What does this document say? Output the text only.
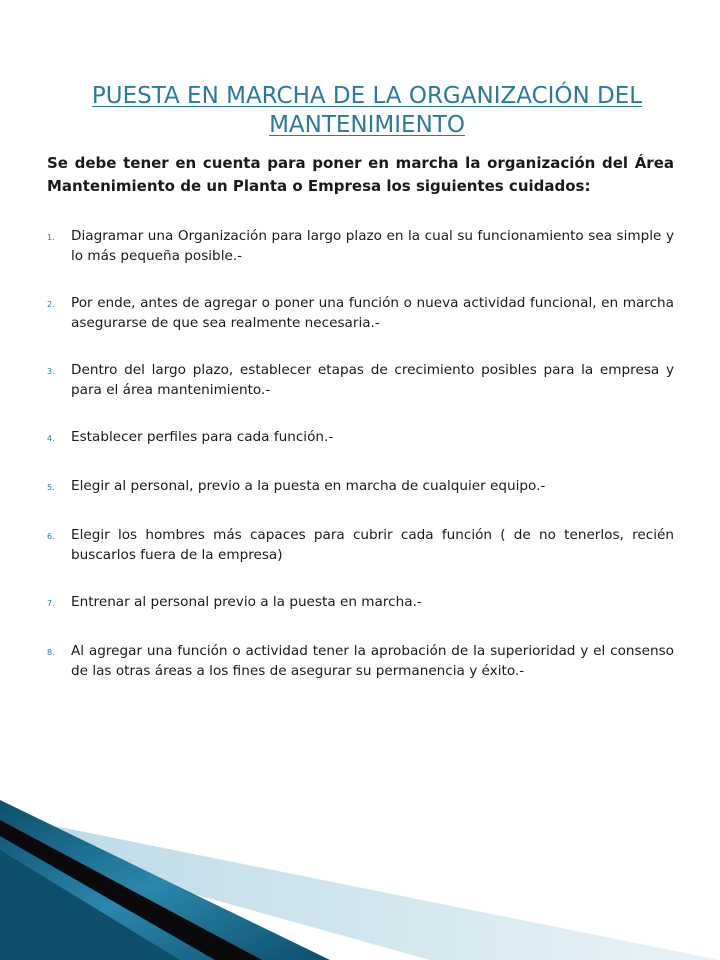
PUESTA EN MARCHA DE LA ORGANIZACIÓN DEL MANTENIMIENTO

Se debe tener en cuenta para poner en marcha la organización del Área Mantenimiento de un Planta o Empresa los siguientes cuidados:

1.	Diagramar una Organización para largo plazo en la cual su funcionamiento sea simple y lo más pequeña posible.-
2.	Por ende, antes de agregar o poner una función o nueva actividad funcional, en marcha asegurarse de que sea realmente necesaria.-
3.	Dentro del largo plazo, establecer etapas de crecimiento posibles para la empresa y para el área mantenimiento.-
4.	Establecer perfiles para cada función.-
5.	Elegir al personal, previo a la puesta en marcha de cualquier equipo.-
6.	Elegir los hombres más capaces para cubrir cada función ( de no tenerlos, recién buscarlos fuera de la empresa)
7.	Entrenar al personal previo a la puesta en marcha.-
8.	Al agregar una función o actividad tener la aprobación de la superioridad y el consenso de las otras áreas a los fines de asegurar su permanencia y éxito.-
